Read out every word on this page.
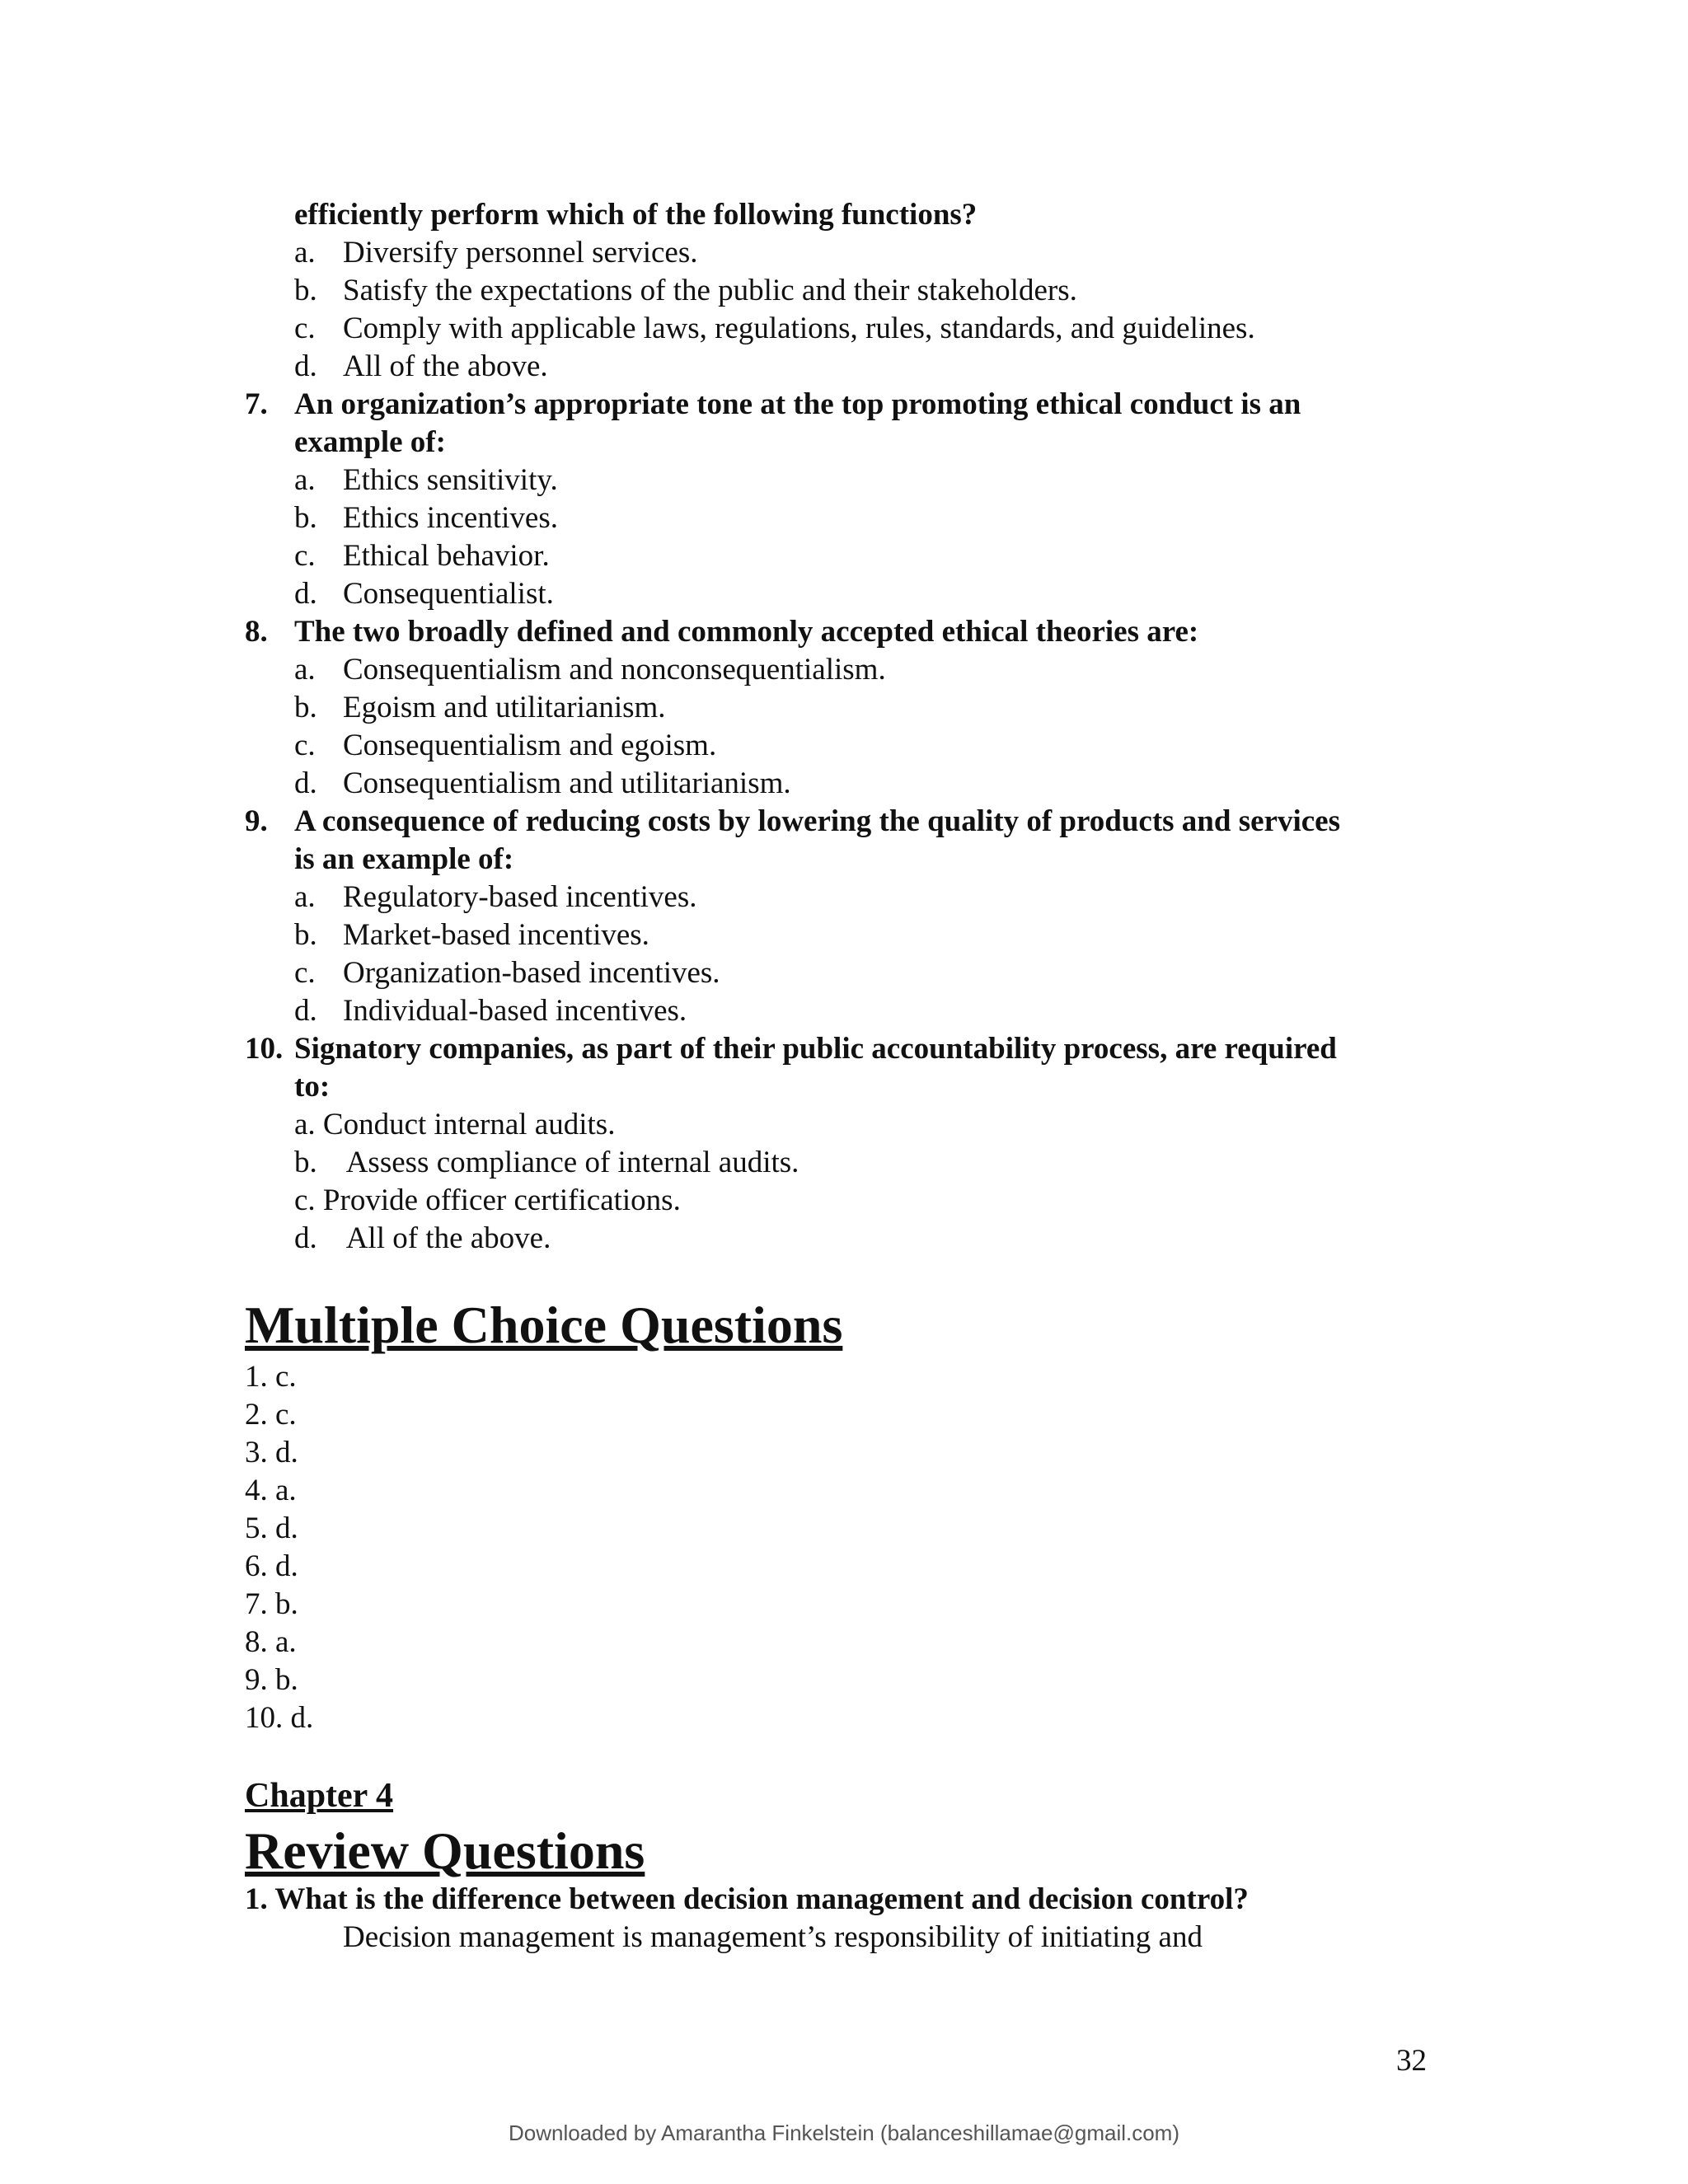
efficiently perform which of the following functions?
a. Diversify personnel services.
b. Satisfy the expectations of the public and their stakeholders.
c. Comply with applicable laws, regulations, rules, standards, and guidelines.
d. All of the above.
7. An organization’s appropriate tone at the top promoting ethical conduct is an
example of:
a. Ethics sensitivity.
b. Ethics incentives.
c. Ethical behavior.
d. Consequentialist.
8. The two broadly defined and commonly accepted ethical theories are:
a. Consequentialism and nonconsequentialism.
b. Egoism and utilitarianism.
c. Consequentialism and egoism.
d. Consequentialism and utilitarianism.
9. A consequence of reducing costs by lowering the quality of products and services
is an example of:
a. Regulatory-based incentives.
b. Market-based incentives.
c. Organization-based incentives.
d. Individual-based incentives.
10. Signatory companies, as part of their public accountability process, are required
to:
a. Conduct internal audits.
b.    Assess compliance of internal audits.
c. Provide officer certifications.
d.    All of the above.
Multiple Choice Questions
1. c.
2. c.
3. d.
4. a.
5. d.
6. d.
7. b.
8. a.
9. b.
10. d.
Chapter 4
Review Questions
1. What is the difference between decision management and decision control?
Decision management is management’s responsibility of initiating and
32
Downloaded by Amarantha Finkelstein (balanceshillamae@gmail.com)
